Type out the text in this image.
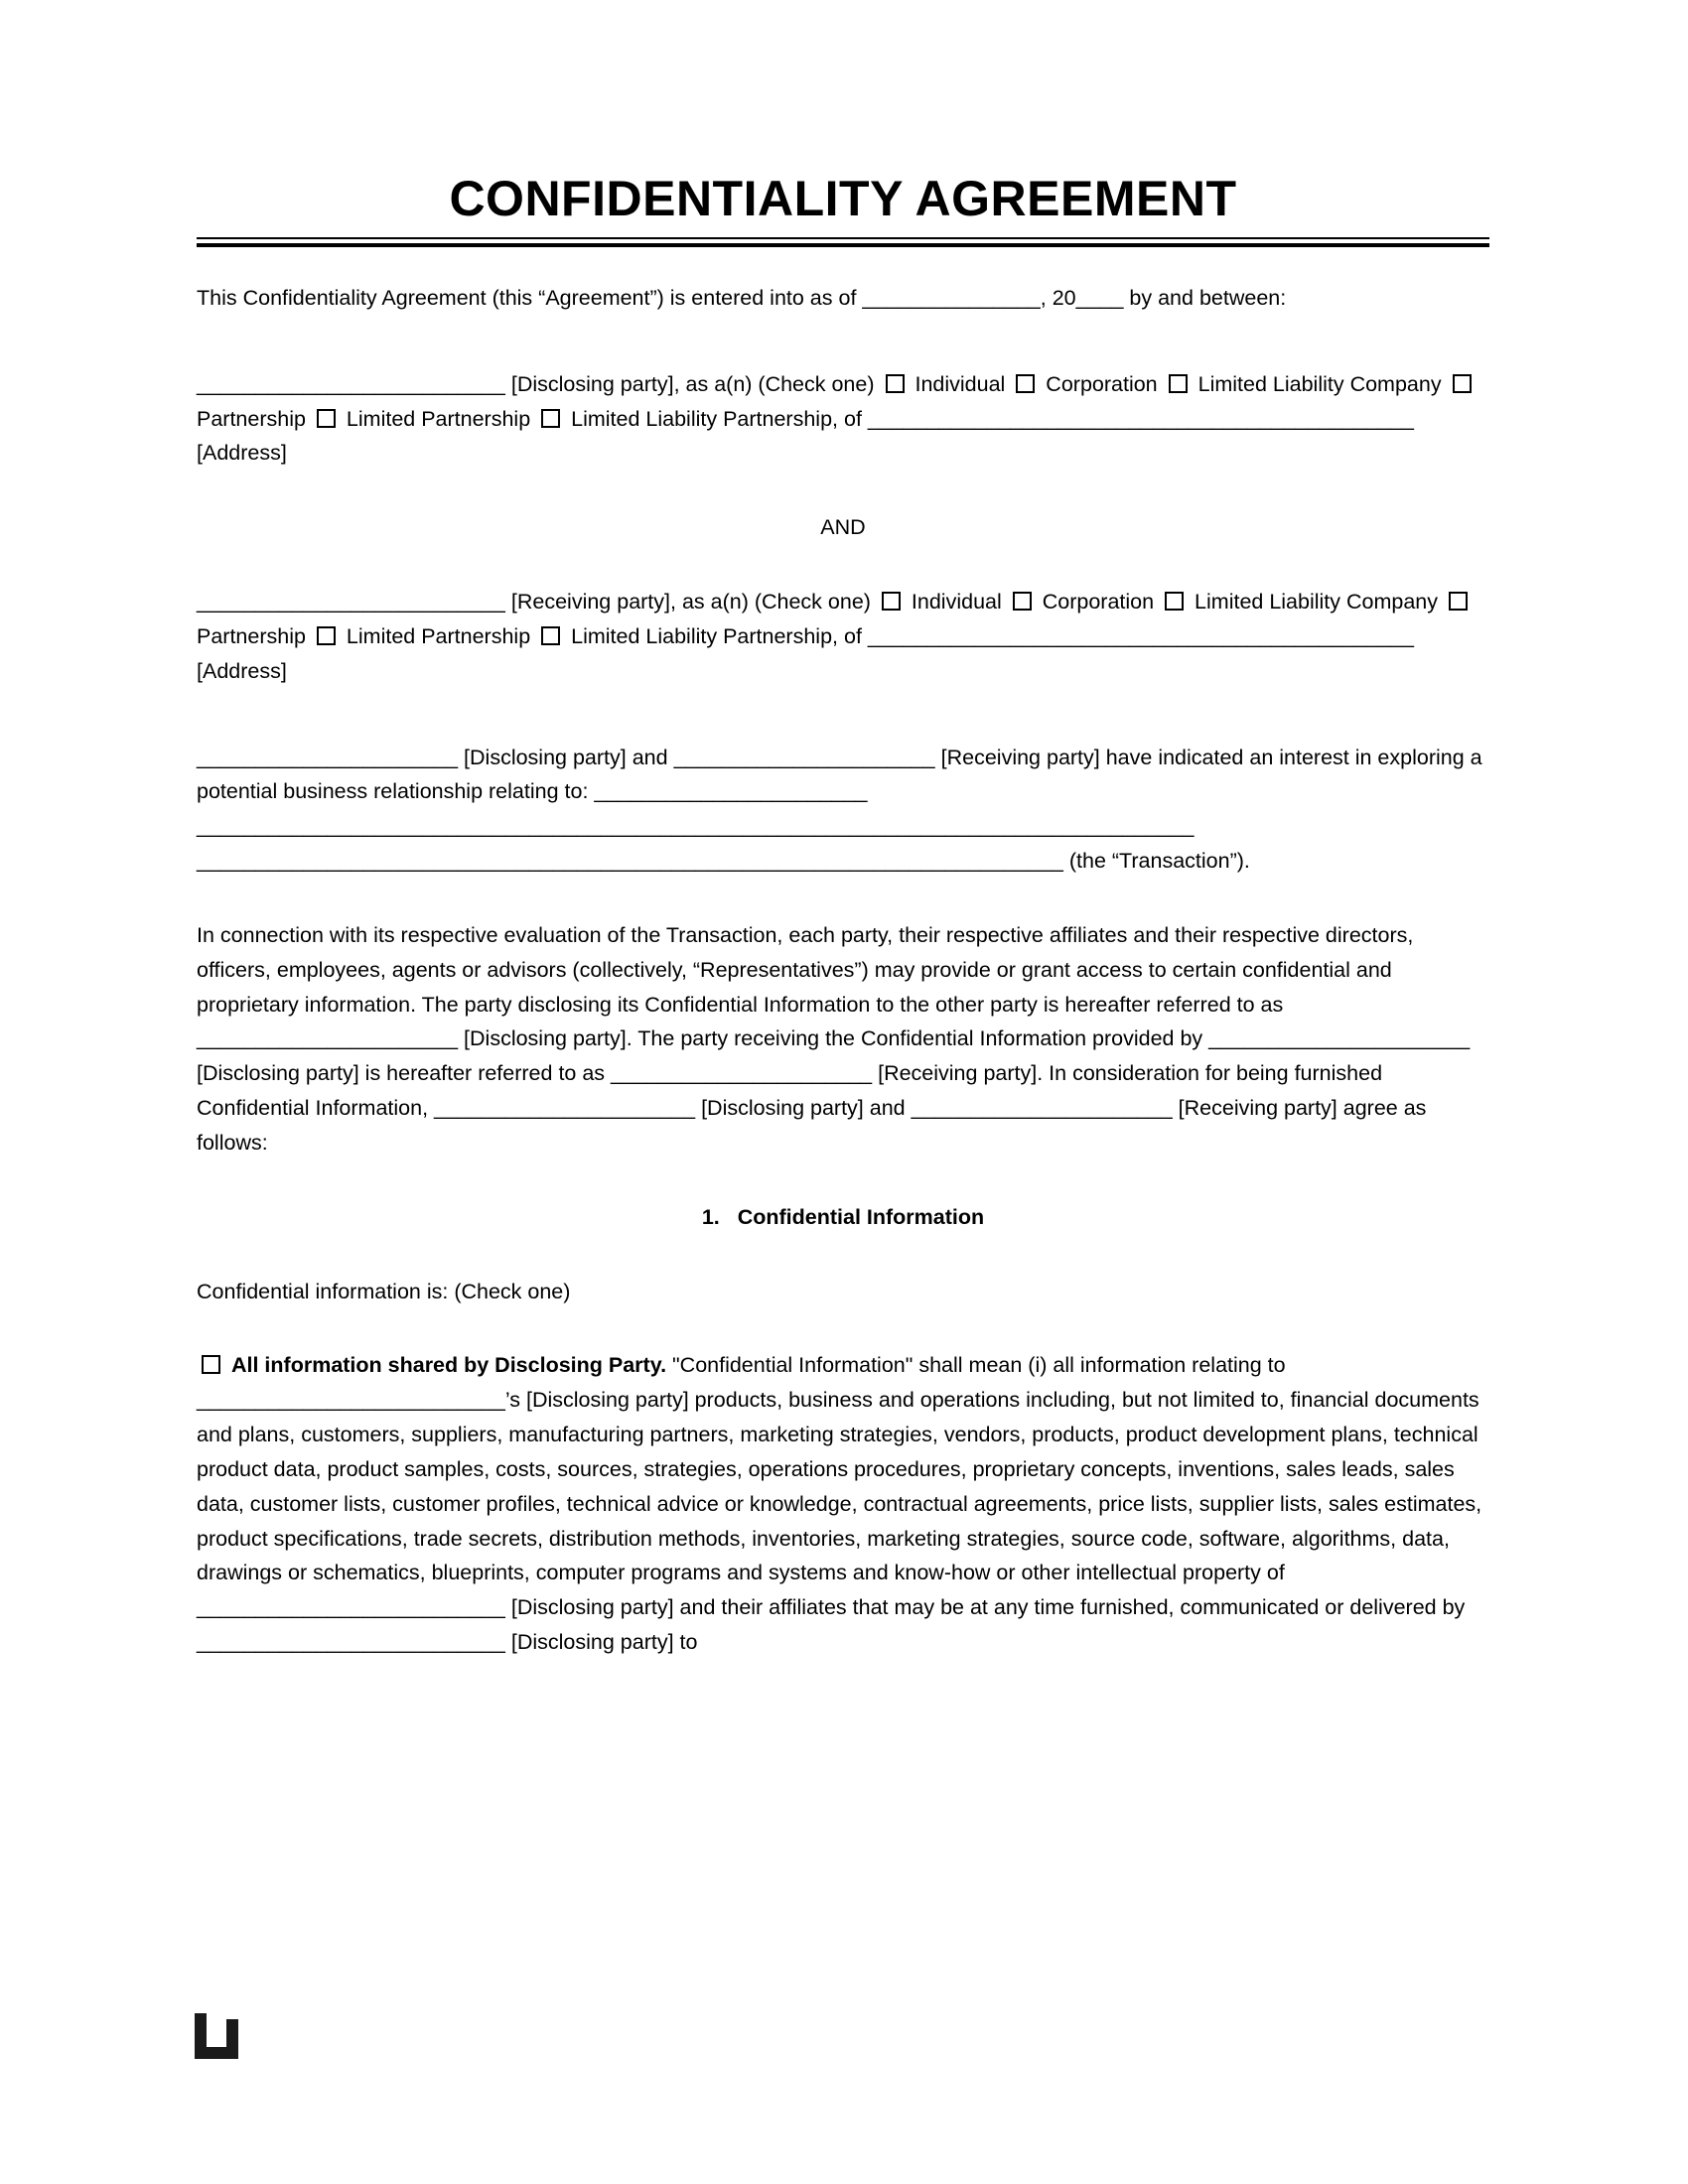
CONFIDENTIALITY AGREEMENT

This Confidentiality Agreement (this “Agreement”) is entered into as of _______________, 20____ by and between:

__________________________ [Disclosing party], as a(n) (Check one) Individual Corporation Limited Liability Company  Partnership Limited Partnership Limited Liability Partnership, of ______________________________________________ [Address]

AND

__________________________ [Receiving party], as a(n) (Check one) Individual Corporation Limited Liability Company  Partnership Limited Partnership Limited Liability Partnership, of ______________________________________________ [Address]
______________________ [Disclosing party] and ______________________ [Receiving party] have indicated an interest in exploring a potential business relationship relating to: _______________________ ____________________________________________________________________________________ _________________________________________________________________________ (the “Transaction”).
In connection with its respective evaluation of the Transaction, each party, their respective affiliates and their respective directors, officers, employees, agents or advisors (collectively, “Representatives”) may provide or grant access to certain confidential and proprietary information. The party disclosing its Confidential Information to the other party is hereafter referred to as ______________________ [Disclosing party]. The party receiving the Confidential Information provided by ______________________ [Disclosing party] is hereafter referred to as ______________________ [Receiving party]. In consideration for being furnished Confidential Information, ______________________ [Disclosing party] and ______________________ [Receiving party] agree as follows:

1. Confidential Information

Confidential information is: (Check one)

All information shared by Disclosing Party. "Confidential Information" shall mean (i) all information relating to __________________________’s [Disclosing party] products, business and operations including, but not limited to, financial documents and plans, customers, suppliers, manufacturing partners, marketing strategies, vendors, products, product development plans, technical product data, product samples, costs, sources, strategies, operations procedures, proprietary concepts, inventions, sales leads, sales data, customer lists, customer profiles, technical advice or knowledge, contractual agreements, price lists, supplier lists, sales estimates, product specifications, trade secrets, distribution methods, inventories, marketing strategies, source code, software, algorithms, data, drawings or schematics, blueprints, computer programs and systems and know-how or other intellectual property of __________________________ [Disclosing party] and their affiliates that may be at any time furnished, communicated or delivered by __________________________ [Disclosing party] to
